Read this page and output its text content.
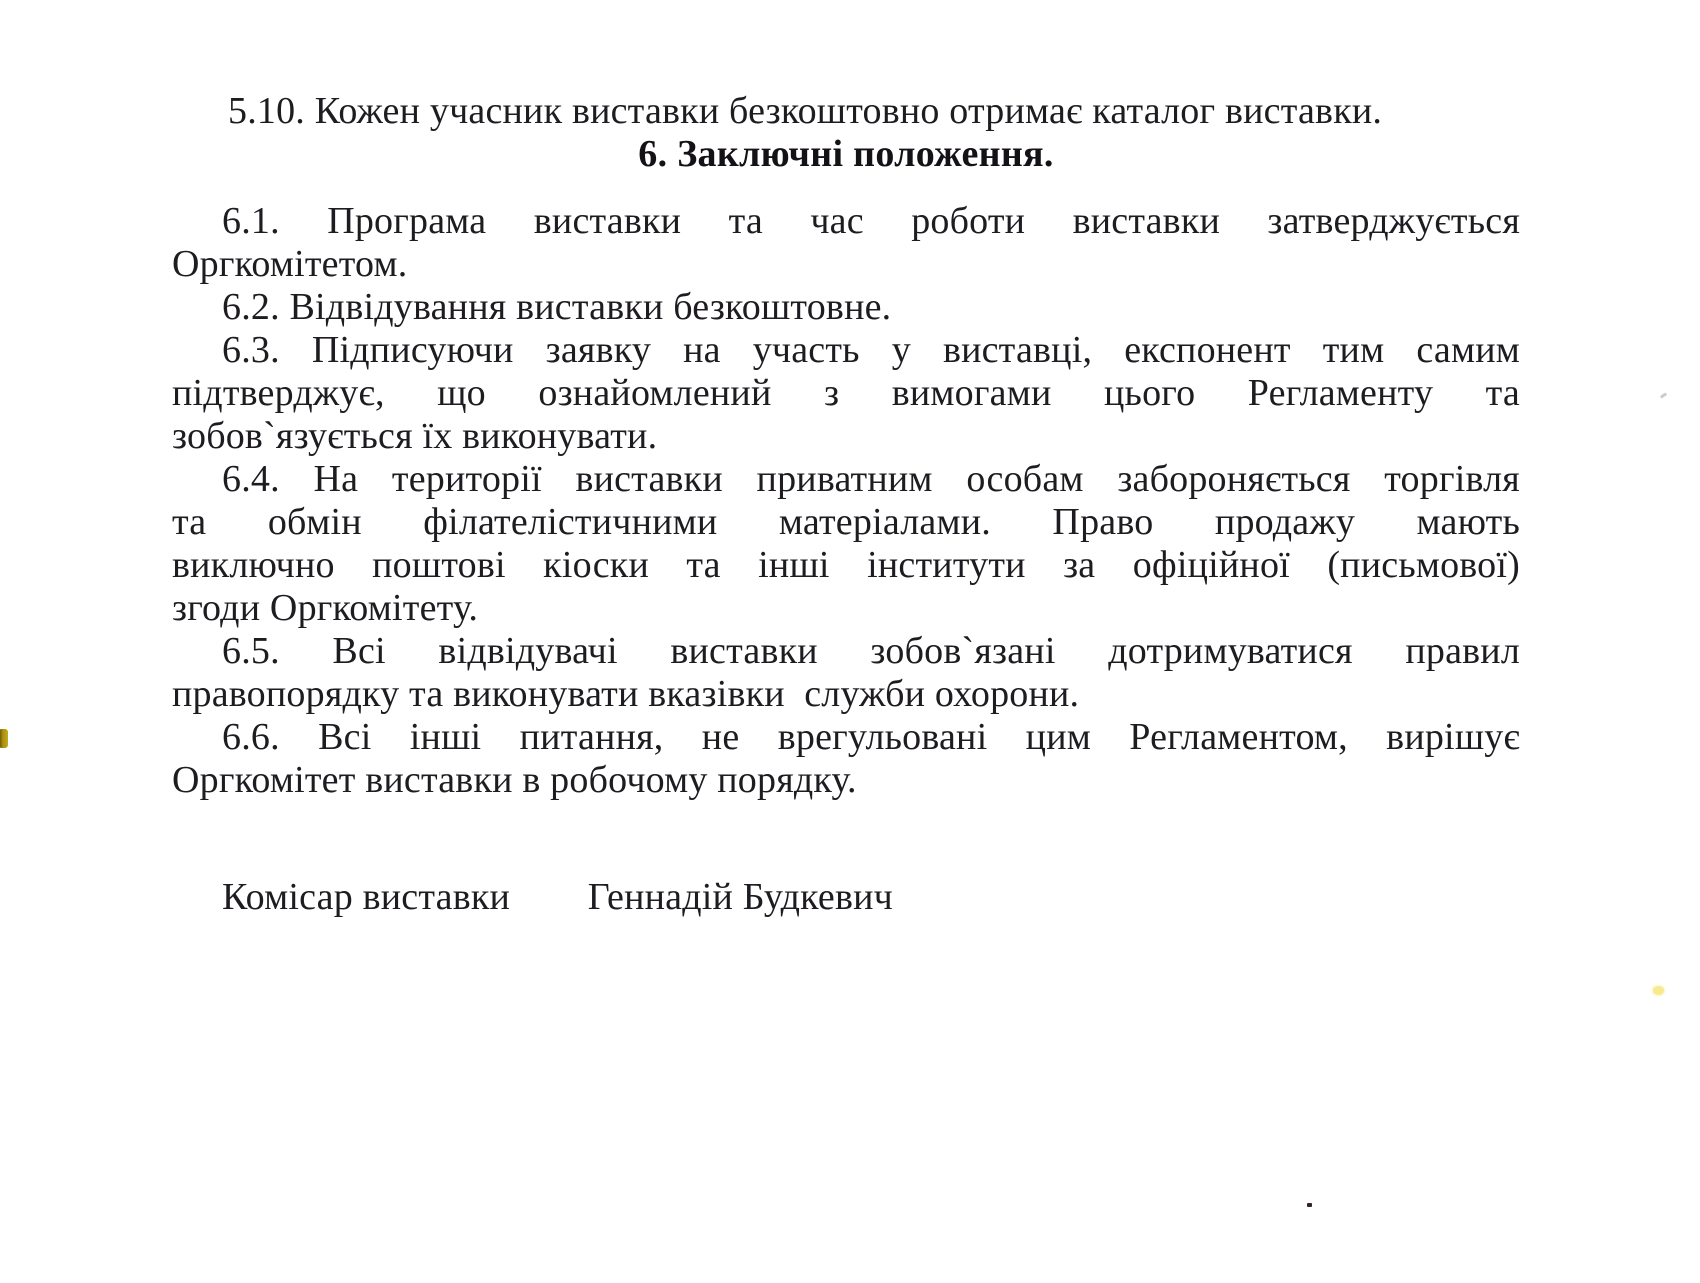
5.10. Кожен учасник виставки безкоштовно отримає каталог виставки.
6. Заключні положення.
6.1. Програма виставки та час роботи виставки затверджується
Оргкомітетом.
6.2. Відвідування виставки безкоштовне.
6.3. Підписуючи заявку на участь у виставці, експонент тим самим
підтверджує, що ознайомлений з вимогами цього Регламенту та
зобов`язується їх виконувати.
6.4. На території виставки приватним особам забороняється торгівля
та обмін філателістичними матеріалами. Право продажу мають
виключно поштові кіоски та інші інститути за офіційної (письмової)
згоди Оргкомітету.
6.5. Всі відвідувачі виставки зобов`язані дотримуватися правил
правопорядку та виконувати вказівки  служби охорони.
6.6. Всі інші питання, не врегульовані цим Регламентом, вирішує
Оргкомітет виставки в робочому порядку.
Комісар виставки Геннадій Будкевич
